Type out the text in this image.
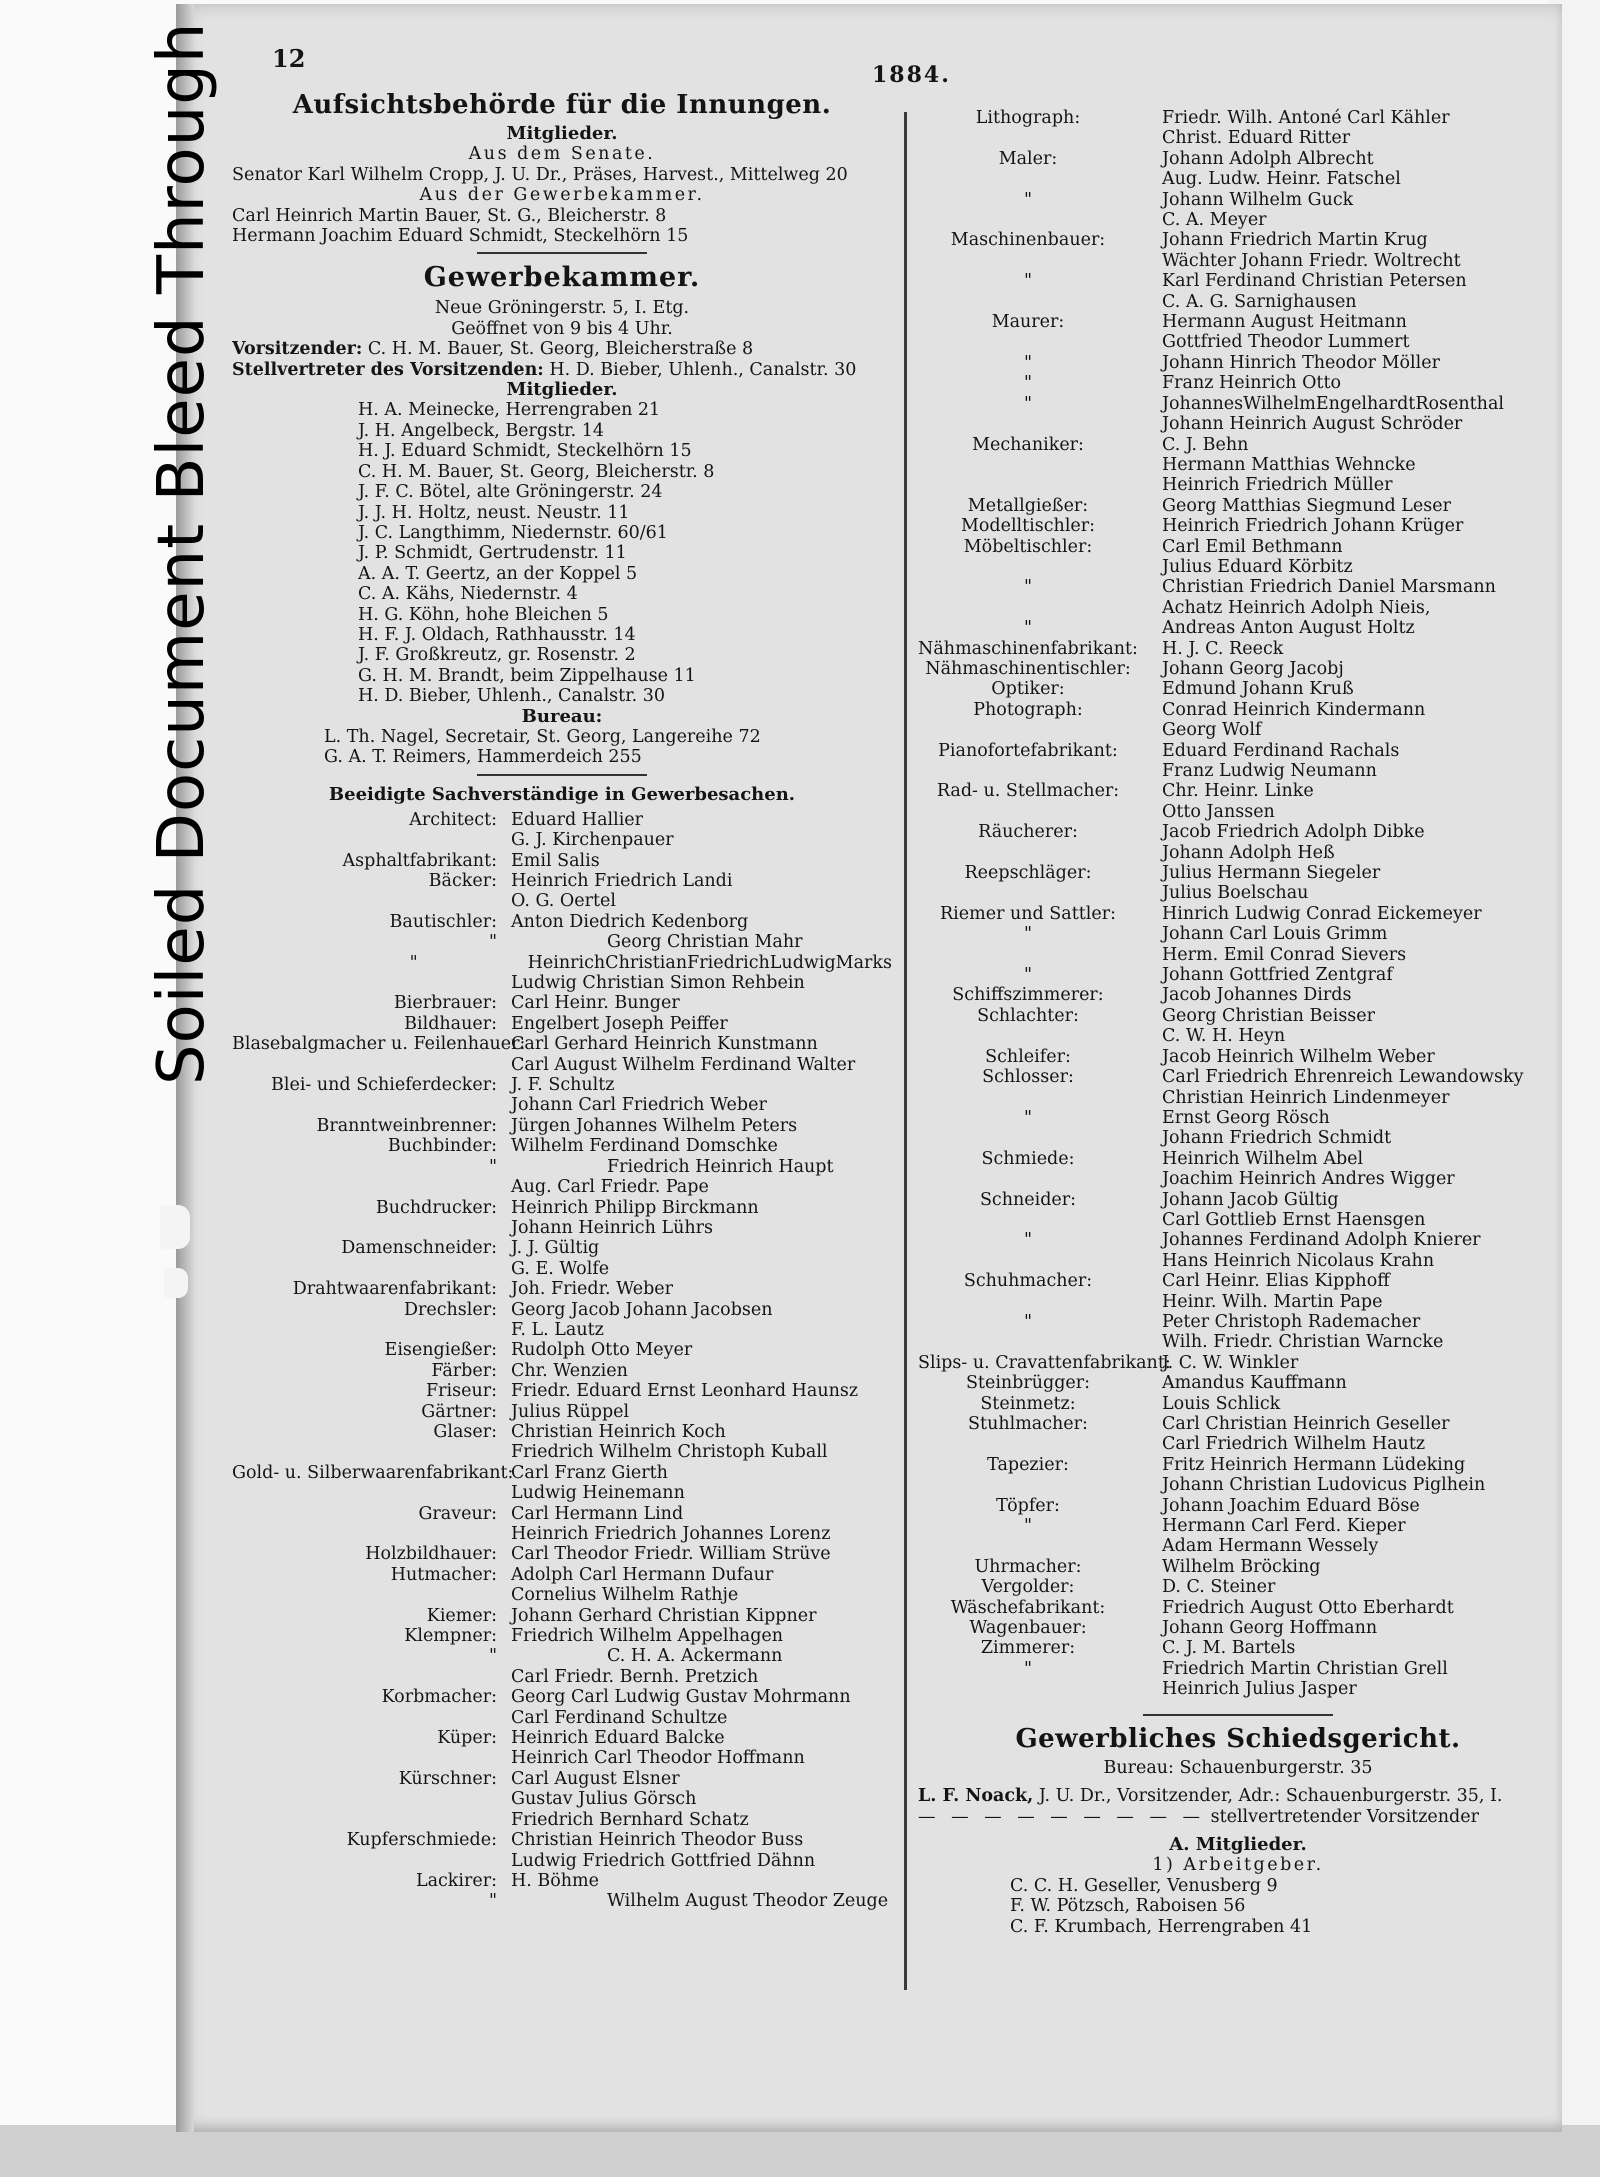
Soiled Document Bleed Through 12
1884.
Aufsichtsbehörde für die Innungen.
Mitglieder.
Aus dem Senate.
Senator Karl Wilhelm Cropp, J. U. Dr., Präses, Harvest., Mittelweg 20
Aus der Gewerbekammer.
Carl Heinrich Martin Bauer, St. G., Bleicherstr. 8
Hermann Joachim Eduard Schmidt, Steckelhörn 15
Gewerbekammer.
Neue Gröningerstr. 5, I. Etg.
Geöffnet von 9 bis 4 Uhr.
Vorsitzender: C. H. M. Bauer, St. Georg, Bleicherstraße 8
Stellvertreter des Vorsitzenden: H. D. Bieber, Uhlenh., Canalstr. 30
Mitglieder.
H. A. Meinecke, Herrengraben 21
J. H. Angelbeck, Bergstr. 14
H. J. Eduard Schmidt, Steckelhörn 15
C. H. M. Bauer, St. Georg, Bleicherstr. 8
J. F. C. Bötel, alte Gröningerstr. 24
J. J. H. Holtz, neust. Neustr. 11
J. C. Langthimm, Niedernstr. 60/61
J. P. Schmidt, Gertrudenstr. 11
A. A. T. Geertz, an der Koppel 5
C. A. Kähs, Niedernstr. 4
H. G. Köhn, hohe Bleichen 5
H. F. J. Oldach, Rathhausstr. 14
J. F. Großkreutz, gr. Rosenstr. 2
G. H. M. Brandt, beim Zippelhause 11
H. D. Bieber, Uhlenh., Canalstr. 30
Bureau:
L. Th. Nagel, Secretair, St. Georg, Langereihe 72
G. A. T. Reimers, Hammerdeich 255
Beeidigte Sachverständige in Gewerbesachen.
Architect: Eduard Hallier
G. J. Kirchenpauer
Asphaltfabrikant: Emil Salis
Bäcker: Heinrich Friedrich Landi
O. G. Oertel
Bautischler: Anton Diedrich Kedenborg
"	Georg Christian Mahr
"	HeinrichChristianFriedrichLudwigMarks
Ludwig Christian Simon Rehbein
Bierbrauer: Carl Heinr. Bunger
Bildhauer: Engelbert Joseph Peiffer
Blasebalgmacher u. Feilenhauer:
Carl Gerhard Heinrich Kunstmann
Carl August Wilhelm Ferdinand Walter
Blei- und Schieferdecker: J. F. Schultz
Johann Carl Friedrich Weber
Branntweinbrenner: Jürgen Johannes Wilhelm Peters
Buchbinder: Wilhelm Ferdinand Domschke
"	Friedrich Heinrich Haupt
Aug. Carl Friedr. Pape
Buchdrucker: Heinrich Philipp Birckmann
Johann Heinrich Lührs
Damenschneider: J. J. Gültig
G. E. Wolfe
Drahtwaarenfabrikant: Joh. Friedr. Weber
Drechsler: Georg Jacob Johann Jacobsen
F. L. Lautz
Eisengießer: Rudolph Otto Meyer
Färber: Chr. Wenzien
Friseur: Friedr. Eduard Ernst Leonhard Haunsz
Gärtner: Julius Rüppel
Glaser: Christian Heinrich Koch
Friedrich Wilhelm Christoph Kuball
Gold- u. Silberwaarenfabrikant:
Carl Franz Gierth
Ludwig Heinemann
Graveur: Carl Hermann Lind
Heinrich Friedrich Johannes Lorenz
Holzbildhauer: Carl Theodor Friedr. William Strüve
Hutmacher: Adolph Carl Hermann Dufaur
Cornelius Wilhelm Rathje
Kiemer: Johann Gerhard Christian Kippner
Klempner: Friedrich Wilhelm Appelhagen
"	C. H. A. Ackermann
Carl Friedr. Bernh. Pretzich
Korbmacher: Georg Carl Ludwig Gustav Mohrmann
Carl Ferdinand Schultze
Küper: Heinrich Eduard Balcke
Heinrich Carl Theodor Hoffmann
Kürschner: Carl August Elsner
Gustav Julius Görsch
Friedrich Bernhard Schatz
Kupferschmiede: Christian Heinrich Theodor Buss
Ludwig Friedrich Gottfried Dähnn
Lackirer: H. Böhme
"	Wilhelm August Theodor Zeuge
Lithograph:	Friedr. Wilh. Antoné Carl Kähler
Christ. Eduard Ritter
Maler:	Johann Adolph Albrecht
Aug. Ludw. Heinr. Fatschel
"	Johann Wilhelm Guck
C. A. Meyer
Maschinenbauer:	Johann Friedrich Martin Krug
Wächter Johann Friedr. Woltrecht
"	Karl Ferdinand Christian Petersen
C. A. G. Sarnighausen
Maurer:	Hermann August Heitmann
Gottfried Theodor Lummert
"	Johann Hinrich Theodor Möller
"	Franz Heinrich Otto
"	JohannesWilhelmEngelhardtRosenthal
Johann Heinrich August Schröder
Mechaniker:	C. J. Behn
Hermann Matthias Wehncke
Heinrich Friedrich Müller
Metallgießer:	Georg Matthias Siegmund Leser
Modelltischler:	Heinrich Friedrich Johann Krüger
Möbeltischler:	Carl Emil Bethmann
Julius Eduard Körbitz
"	Christian Friedrich Daniel Marsmann
Achatz Heinrich Adolph Nieis,
"	Andreas Anton August Holtz
Nähmaschinenfabrikant:	H. J. C. Reeck
Nähmaschinentischler:	Johann Georg Jacobj
Optiker:	Edmund Johann Kruß
Photograph:	Conrad Heinrich Kindermann
Georg Wolf
Pianofortefabrikant:	Eduard Ferdinand Rachals
Franz Ludwig Neumann
Rad- u. Stellmacher:	Chr. Heinr. Linke
Otto Janssen
Räucherer:	Jacob Friedrich Adolph Dibke
Johann Adolph Heß
Reepschläger:	Julius Hermann Siegeler
Julius Boelschau
Riemer und Sattler:	Hinrich Ludwig Conrad Eickemeyer
"	Johann Carl Louis Grimm
Herm. Emil Conrad Sievers
"	Johann Gottfried Zentgraf
Schiffszimmerer:	Jacob Johannes Dirds
Schlachter:	Georg Christian Beisser
C. W. H. Heyn
Schleifer:	Jacob Heinrich Wilhelm Weber
Schlosser:	Carl Friedrich Ehrenreich Lewandowsky
Christian Heinrich Lindenmeyer
"	Ernst Georg Rösch
Johann Friedrich Schmidt
Schmiede:	Heinrich Wilhelm Abel
Joachim Heinrich Andres Wigger
Schneider:	Johann Jacob Gültig
Carl Gottlieb Ernst Haensgen
"	Johannes Ferdinand Adolph Knierer
Hans Heinrich Nicolaus Krahn
Schuhmacher:	Carl Heinr. Elias Kipphoff
Heinr. Wilh. Martin Pape
"	Peter Christoph Rademacher
Wilh. Friedr. Christian Warncke
Slips- u. Cravattenfabrikant:
J. C. W. Winkler
Steinbrügger:	Amandus Kauffmann
Steinmetz:	Louis Schlick
Stuhlmacher:	Carl Christian Heinrich Geseller
Carl Friedrich Wilhelm Hautz
Tapezier:	Fritz Heinrich Hermann Lüdeking
Johann Christian Ludovicus Piglhein
Töpfer:	Johann Joachim Eduard Böse
"	Hermann Carl Ferd. Kieper
Adam Hermann Wessely
Uhrmacher:	Wilhelm Bröcking
Vergolder:	D. C. Steiner
Wäschefabrikant:	Friedrich August Otto Eberhardt
Wagenbauer:	Johann Georg Hoffmann
Zimmerer:	C. J. M. Bartels
"	Friedrich Martin Christian Grell
Heinrich Julius Jasper
Gewerbliches Schiedsgericht.
Bureau: Schauenburgerstr. 35
L. F. Noack, J. U. Dr., Vorsitzender, Adr.: Schauenburgerstr. 35, I.
— — — — — — — — — stellvertretender Vorsitzender
A. Mitglieder.
1) Arbeitgeber.
C. C. H. Geseller, Venusberg 9
F. W. Pötzsch, Raboisen 56
C. F. Krumbach, Herrengraben 41
